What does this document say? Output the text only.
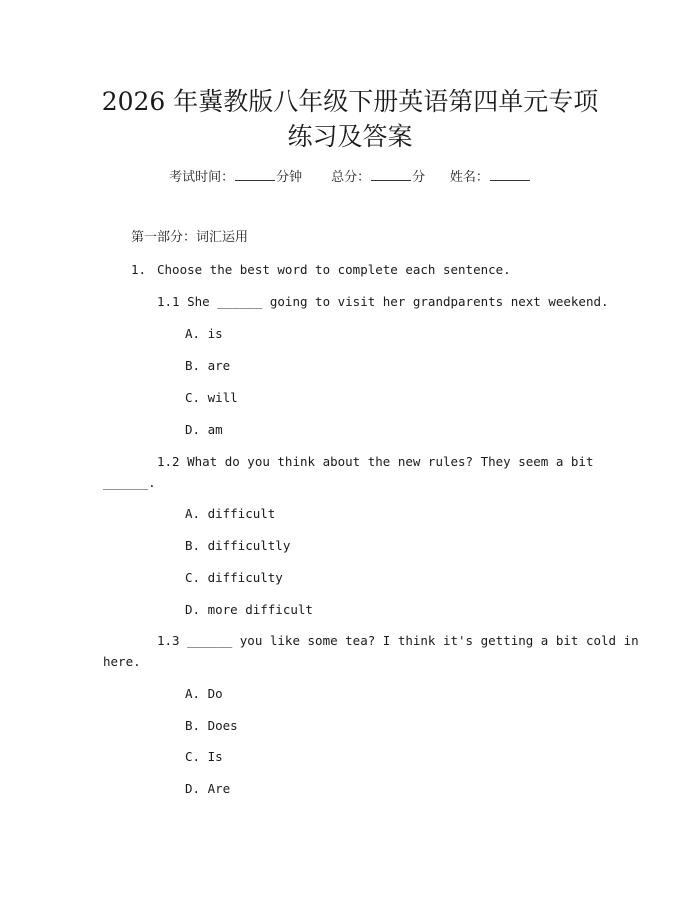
2026 年冀教版八年级下册英语第四单元专项
练习及答案
考试时间：	分钟 总分：	分 姓名：
第一部分：词汇运用
1. Choose the best word to complete each sentence.
1.1 She ______ going to visit her grandparents next weekend.
A. is
B. are
C. will
D. am
1.2 What do you think about the new rules? They seem a bit
______.
A. difficult
B. difficultly
C. difficulty
D. more difficult
1.3 ______ you like some tea? I think it's getting a bit cold in
here.
A. Do
B. Does
C. Is
D. Are
